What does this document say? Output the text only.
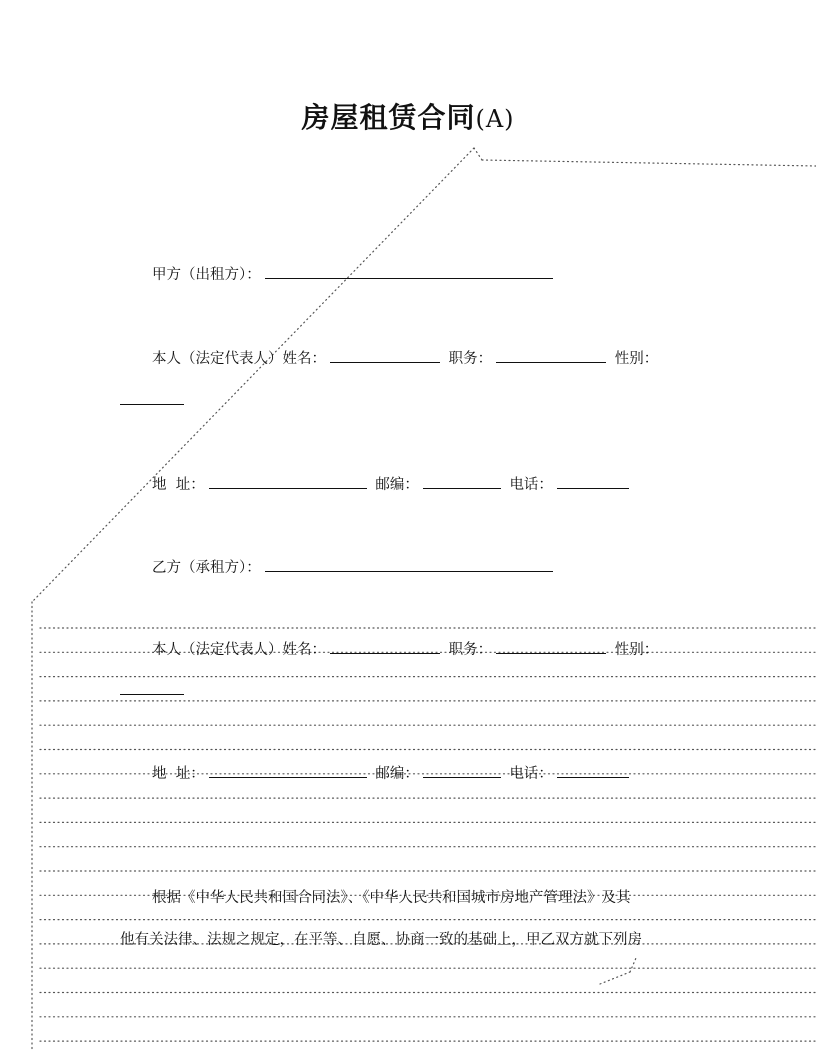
房屋租赁合同(A)
甲方（出租方）：
本人（法定代表人）姓名：	职务：	性别：
地  址：	邮编：	电话：
乙方（承租方）：
本人（法定代表人）姓名：	职务：	性别：
地  址：	邮编：	电话：
根据《中华人民共和国合同法》、《中华人民共和国城市房地产管理法》及其
他有关法律、法规之规定，在平等、自愿、协商一致的基础上，甲乙双方就下列房
